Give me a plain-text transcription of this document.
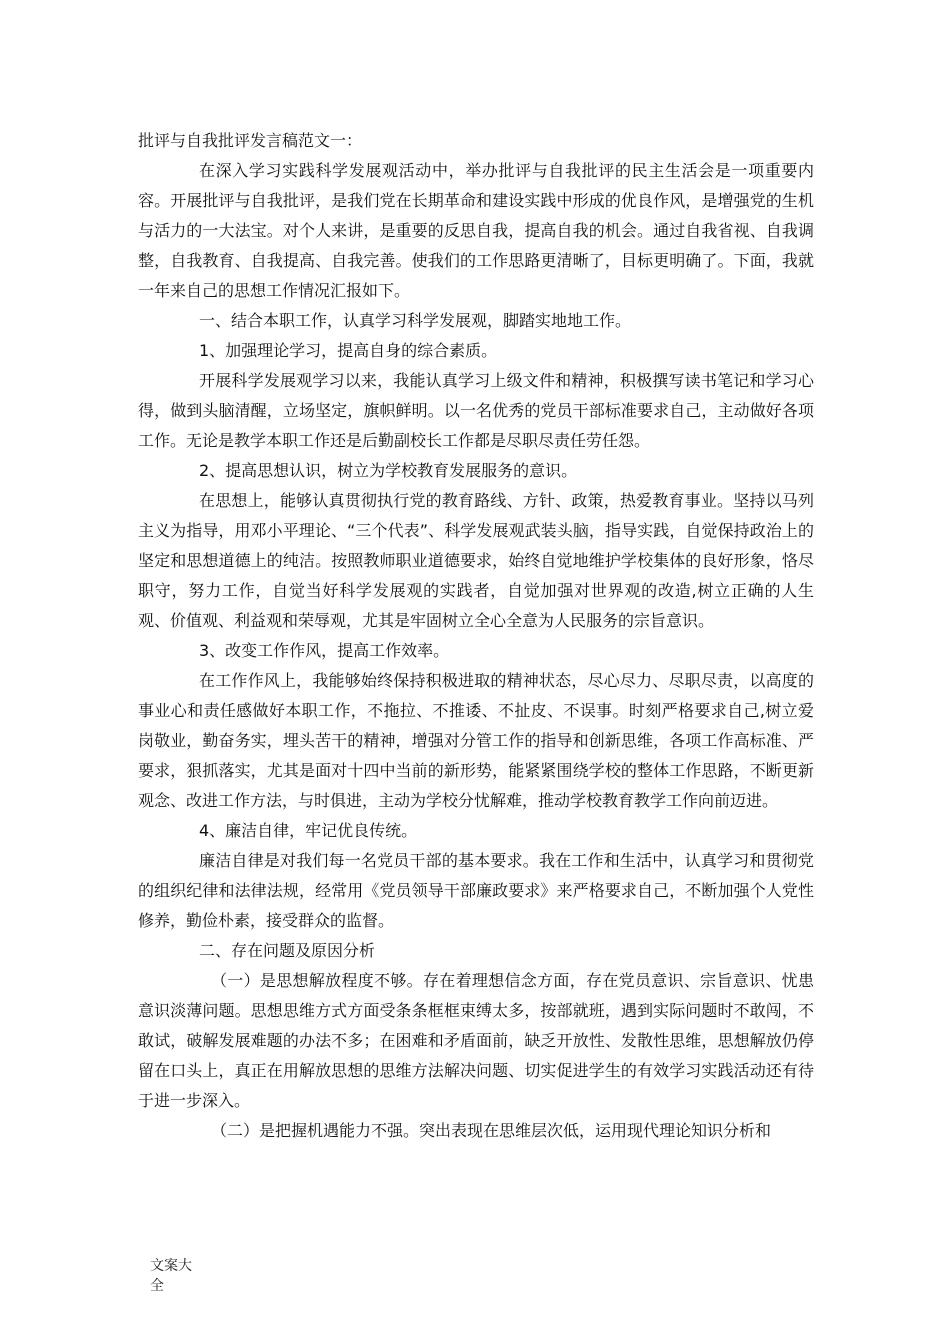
批评与自我批评发言稿范文一：

在深入学习实践科学发展观活动中，举办批评与自我批评的民主生活会是一项重要内容。开展批评与自我批评，是我们党在长期革命和建设实践中形成的优良作风，是增强党的生机与活力的一大法宝。对个人来讲，是重要的反思自我，提高自我的机会。通过自我省视、自我调整，自我教育、自我提高、自我完善。使我们的工作思路更清晰了，目标更明确了。下面，我就一年来自己的思想工作情况汇报如下。

一、结合本职工作，认真学习科学发展观，脚踏实地地工作。

1、加强理论学习，提高自身的综合素质。

开展科学发展观学习以来，我能认真学习上级文件和精神，积极撰写读书笔记和学习心得，做到头脑清醒，立场坚定，旗帜鲜明。以一名优秀的党员干部标准要求自己，主动做好各项工作。无论是教学本职工作还是后勤副校长工作都是尽职尽责任劳任怨。

2、提高思想认识，树立为学校教育发展服务的意识。

在思想上，能够认真贯彻执行党的教育路线、方针、政策，热爱教育事业。坚持以马列主义为指导，用邓小平理论、“三个代表”、科学发展观武装头脑，指导实践，自觉保持政治上的坚定和思想道德上的纯洁。按照教师职业道德要求，始终自觉地维护学校集体的良好形象，恪尽职守，努力工作，自觉当好科学发展观的实践者，自觉加强对世界观的改造,树立正确的人生观、价值观、利益观和荣辱观，尤其是牢固树立全心全意为人民服务的宗旨意识。

3、改变工作作风，提高工作效率。

在工作作风上，我能够始终保持积极进取的精神状态，尽心尽力、尽职尽责，以高度的事业心和责任感做好本职工作，不拖拉、不推诿、不扯皮、不误事。时刻严格要求自己,树立爱岗敬业，勤奋务实，埋头苦干的精神，增强对分管工作的指导和创新思维，各项工作高标准、严要求，狠抓落实，尤其是面对十四中当前的新形势，能紧紧围绕学校的整体工作思路，不断更新观念、改进工作方法，与时俱进，主动为学校分忧解难，推动学校教育教学工作向前迈进。

4、廉洁自律，牢记优良传统。

廉洁自律是对我们每一名党员干部的基本要求。我在工作和生活中，认真学习和贯彻党的组织纪律和法律法规，经常用《党员领导干部廉政要求》来严格要求自己，不断加强个人党性修养，勤俭朴素，接受群众的监督。

二、存在问题及原因分析

（一）是思想解放程度不够。存在着理想信念方面，存在党员意识、宗旨意识、忧患意识淡薄问题。思想思维方式方面受条条框框束缚太多，按部就班，遇到实际问题时不敢闯，不敢试，破解发展难题的办法不多；在困难和矛盾面前，缺乏开放性、发散性思维，思想解放仍停留在口头上，真正在用解放思想的思维方法解决问题、切实促进学生的有效学习实践活动还有待于进一步深入。

（二）是把握机遇能力不强。突出表现在思维层次低，运用现代理论知识分析和

文案大全
